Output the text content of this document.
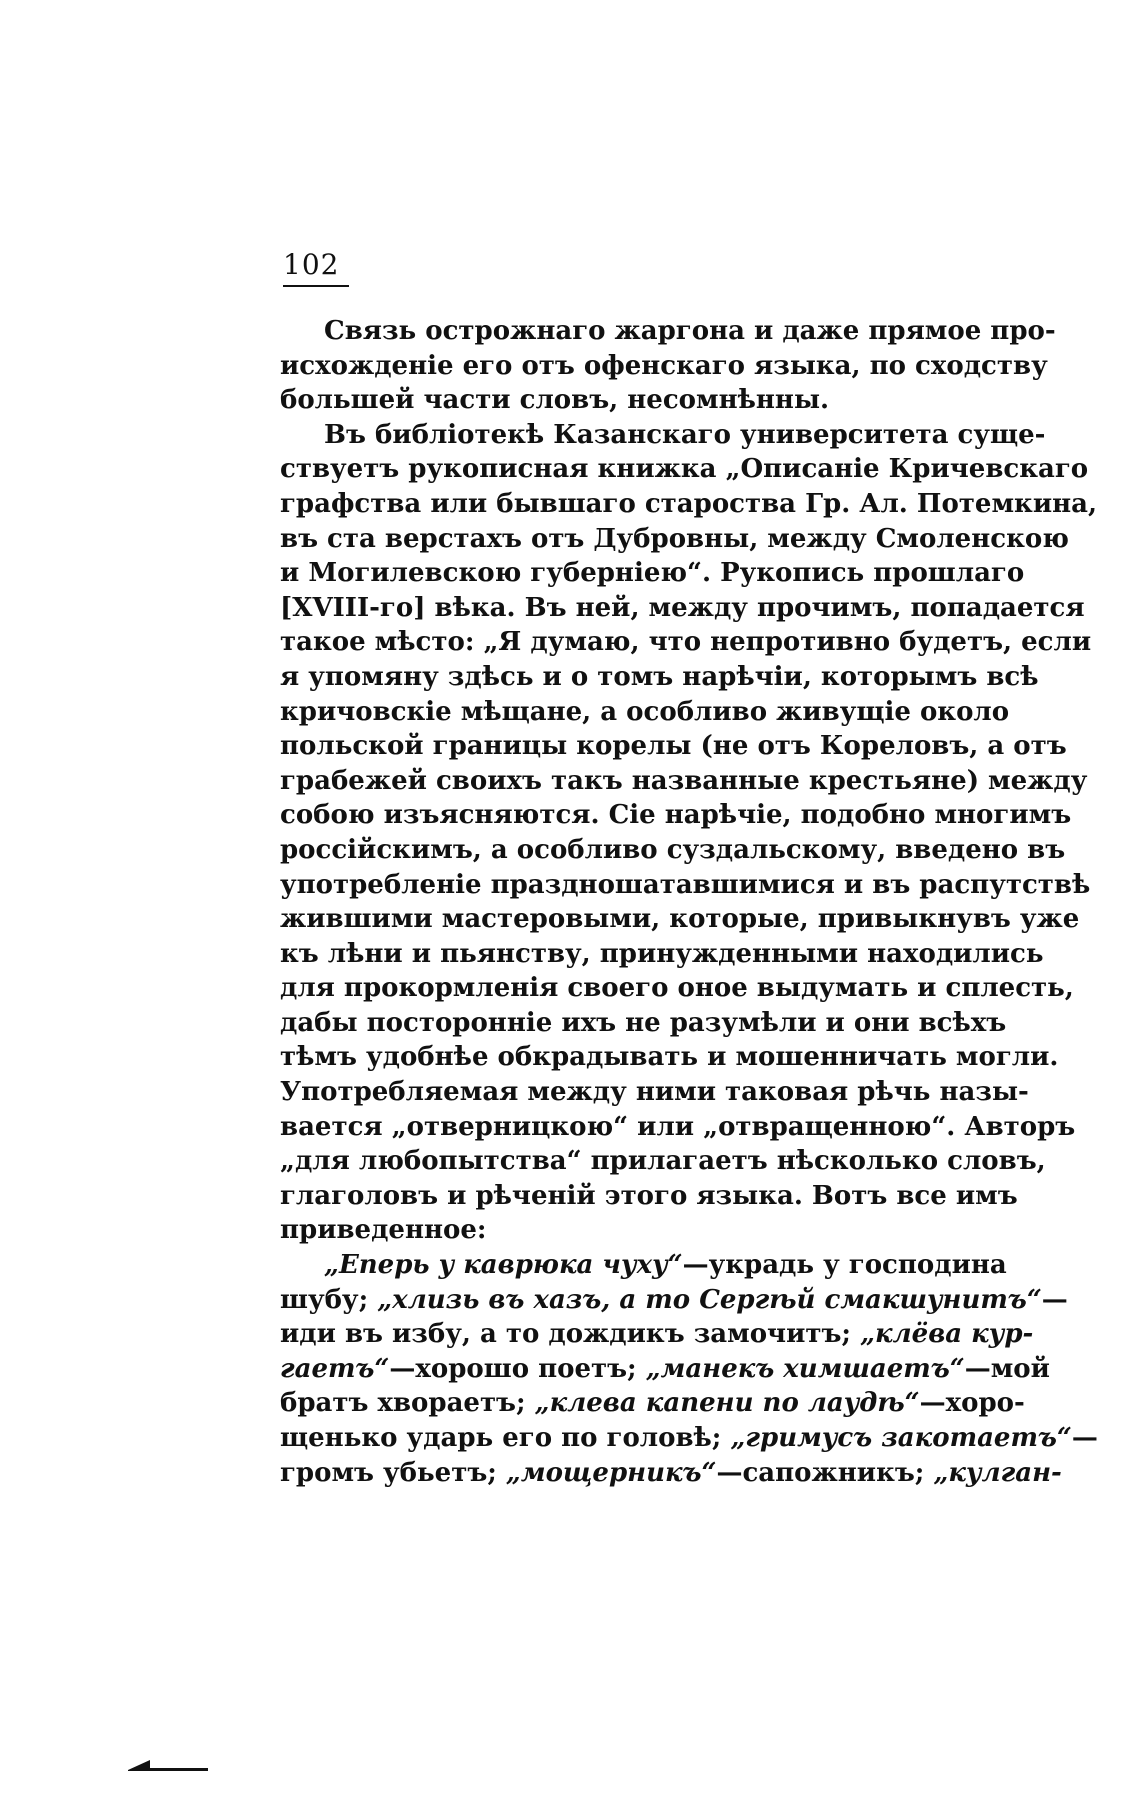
102
Связь острожнаго жаргона и даже прямое про-
исхожденіе его отъ офенскаго языка, по сходству
большей части словъ, несомнѣнны.
Въ библіотекѣ Казанскаго университета суще-
ствуетъ рукописная книжка „Описаніе Кричевскаго
графства или бывшаго староства Гр. Ал. Потемкина,
въ ста верстахъ отъ Дубровны, между Смоленскою
и Могилевскою губерніею“. Рукопись прошлаго
[XVIII-го] вѣка. Въ ней, между прочимъ, попадается
такое мѣсто: „Я думаю, что непротивно будетъ, если
я упомяну здѣсь и о томъ нарѣчіи, которымъ всѣ
кричовскіе мѣщане, а особливо живущіе около
польской границы корелы (не отъ Кореловъ, а отъ
грабежей своихъ такъ названные крестьяне) между
собою изъясняются. Сіе нарѣчіе, подобно многимъ
россійскимъ, а особливо суздальскому, введено въ
употребленіе праздношатавшимися и въ распутствѣ
жившими мастеровыми, которые, привыкнувъ уже
къ лѣни и пьянству, принужденными находились
для прокормленія своего оное выдумать и сплесть,
дабы посторонніе ихъ не разумѣли и они всѣхъ
тѣмъ удобнѣе обкрадывать и мошенничать могли.
Употребляемая между ними таковая рѣчь назы-
вается „отверницкою“ или „отвращенною“. Авторъ
„для любопытства“ прилагаетъ нѣсколько словъ,
глаголовъ и рѣченій этого языка. Вотъ все имъ
приведенное:
„Еперь у каврюка чуху“—украдь у господина
шубу; „хлизь въ хазъ, а то Сергѣй смакшунитъ“—
иди въ избу, а то дождикъ замочитъ; „клёва кур-
гаетъ“—хорошо поетъ; „манекъ химшаетъ“—мой
братъ хвораетъ; „клева капени по лаудѣ“—хоро-
щенько ударь его по головѣ; „гримусъ закотаетъ“—
громъ убьетъ; „мощерникъ“—сапожникъ; „кулган-
